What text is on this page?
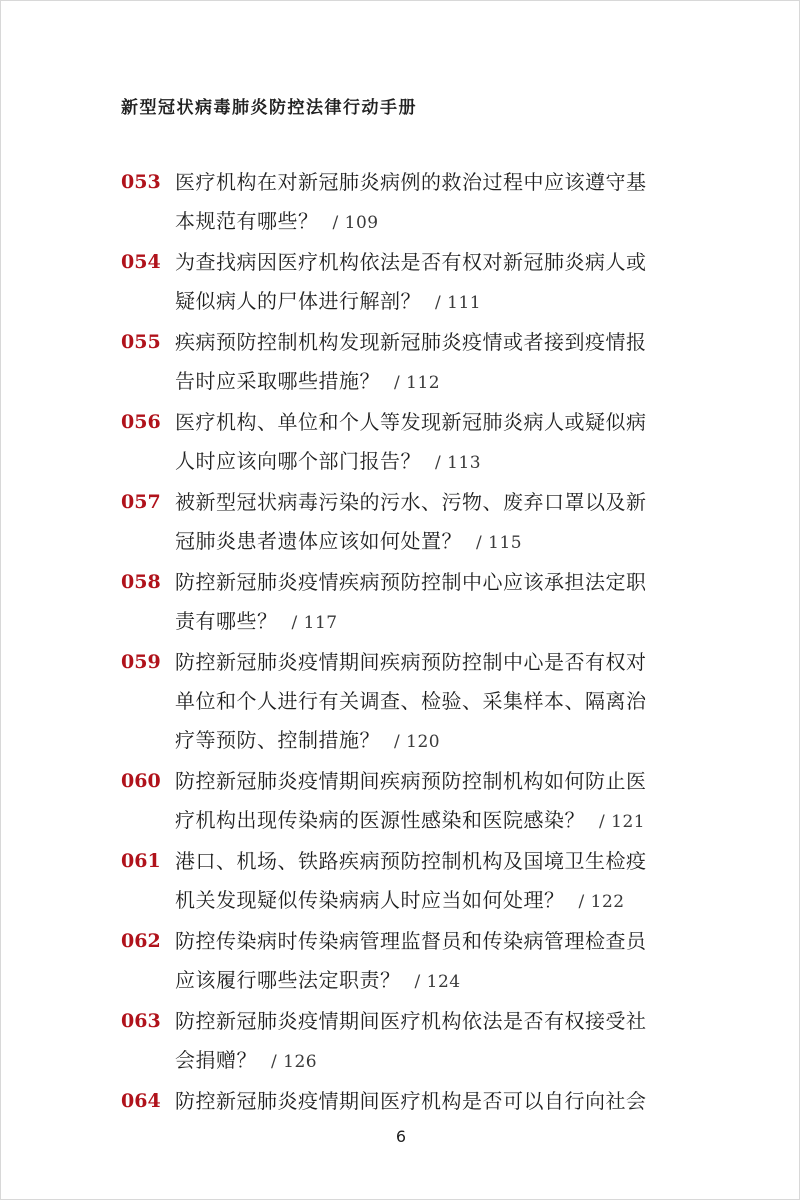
新型冠状病毒肺炎防控法律行动手册
053 医疗机构在对新冠肺炎病例的救治过程中应该遵守基
本规范有哪些？ / 109
054 为查找病因医疗机构依法是否有权对新冠肺炎病人或
疑似病人的尸体进行解剖？ / 111
055 疾病预防控制机构发现新冠肺炎疫情或者接到疫情报
告时应采取哪些措施？ / 112
056 医疗机构、单位和个人等发现新冠肺炎病人或疑似病
人时应该向哪个部门报告？ / 113
057 被新型冠状病毒污染的污水、污物、废弃口罩以及新
冠肺炎患者遗体应该如何处置？ / 115
058 防控新冠肺炎疫情疾病预防控制中心应该承担法定职
责有哪些？ / 117
059 防控新冠肺炎疫情期间疾病预防控制中心是否有权对
单位和个人进行有关调查、检验、采集样本、隔离治
疗等预防、控制措施？ / 120
060 防控新冠肺炎疫情期间疾病预防控制机构如何防止医
疗机构出现传染病的医源性感染和医院感染？ / 121
061 港口、机场、铁路疾病预防控制机构及国境卫生检疫
机关发现疑似传染病病人时应当如何处理？ / 122
062 防控传染病时传染病管理监督员和传染病管理检查员
应该履行哪些法定职责？ / 124
063 防控新冠肺炎疫情期间医疗机构依法是否有权接受社
会捐赠？ / 126
064 防控新冠肺炎疫情期间医疗机构是否可以自行向社会
6
